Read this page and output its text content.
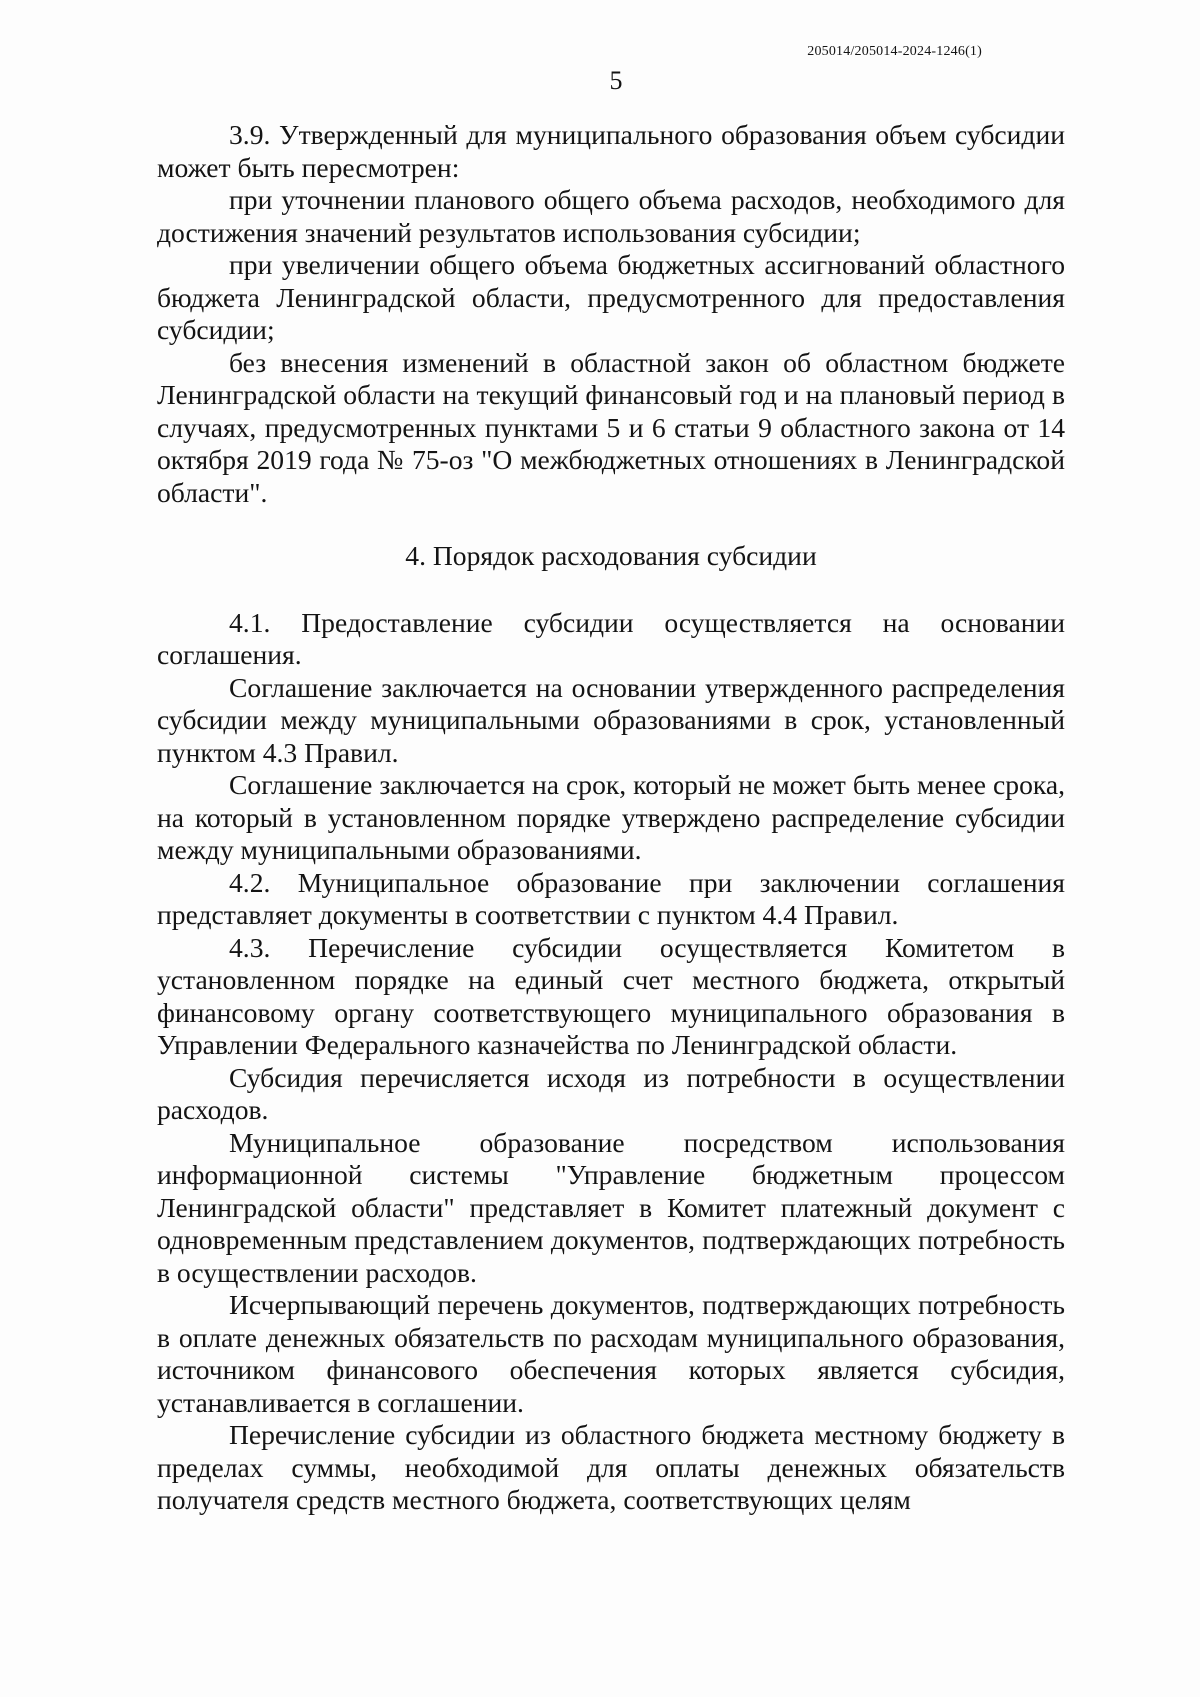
205014/205014-2024-1246(1)
5

3.9. Утвержденный для муниципального образования объем субсидии может быть пересмотрен:

при уточнении планового общего объема расходов, необходимого для достижения значений результатов использования субсидии;

при увеличении общего объема бюджетных ассигнований областного бюджета Ленинградской области, предусмотренного для предоставления субсидии;

без внесения изменений в областной закон об областном бюджете Ленинградской области на текущий финансовый год и на плановый период в случаях, предусмотренных пунктами 5 и 6 статьи 9 областного закона от 14 октября 2019 года № 75-оз "О межбюджетных отношениях в Ленинградской области".

4. Порядок расходования субсидии

4.1. Предоставление субсидии осуществляется на основании соглашения.

Соглашение заключается на основании утвержденного распределения субсидии между муниципальными образованиями в срок, установленный пунктом 4.3 Правил.

Соглашение заключается на срок, который не может быть менее срока, на который в установленном порядке утверждено распределение субсидии между муниципальными образованиями.

4.2. Муниципальное образование при заключении соглашения представляет документы в соответствии с пунктом 4.4 Правил.

4.3. Перечисление субсидии осуществляется Комитетом в установленном порядке на единый счет местного бюджета, открытый финансовому органу соответствующего муниципального образования в Управлении Федерального казначейства по Ленинградской области.

Субсидия перечисляется исходя из потребности в осуществлении расходов.

Муниципальное образование посредством использования информационной системы "Управление бюджетным процессом Ленинградской области" представляет в Комитет платежный документ с одновременным представлением документов, подтверждающих потребность в осуществлении расходов.

Исчерпывающий перечень документов, подтверждающих потребность в оплате денежных обязательств по расходам муниципального образования, источником финансового обеспечения которых является субсидия, устанавливается в соглашении.

Перечисление субсидии из областного бюджета местному бюджету в пределах суммы, необходимой для оплаты денежных обязательств получателя средств местного бюджета, соответствующих целям
